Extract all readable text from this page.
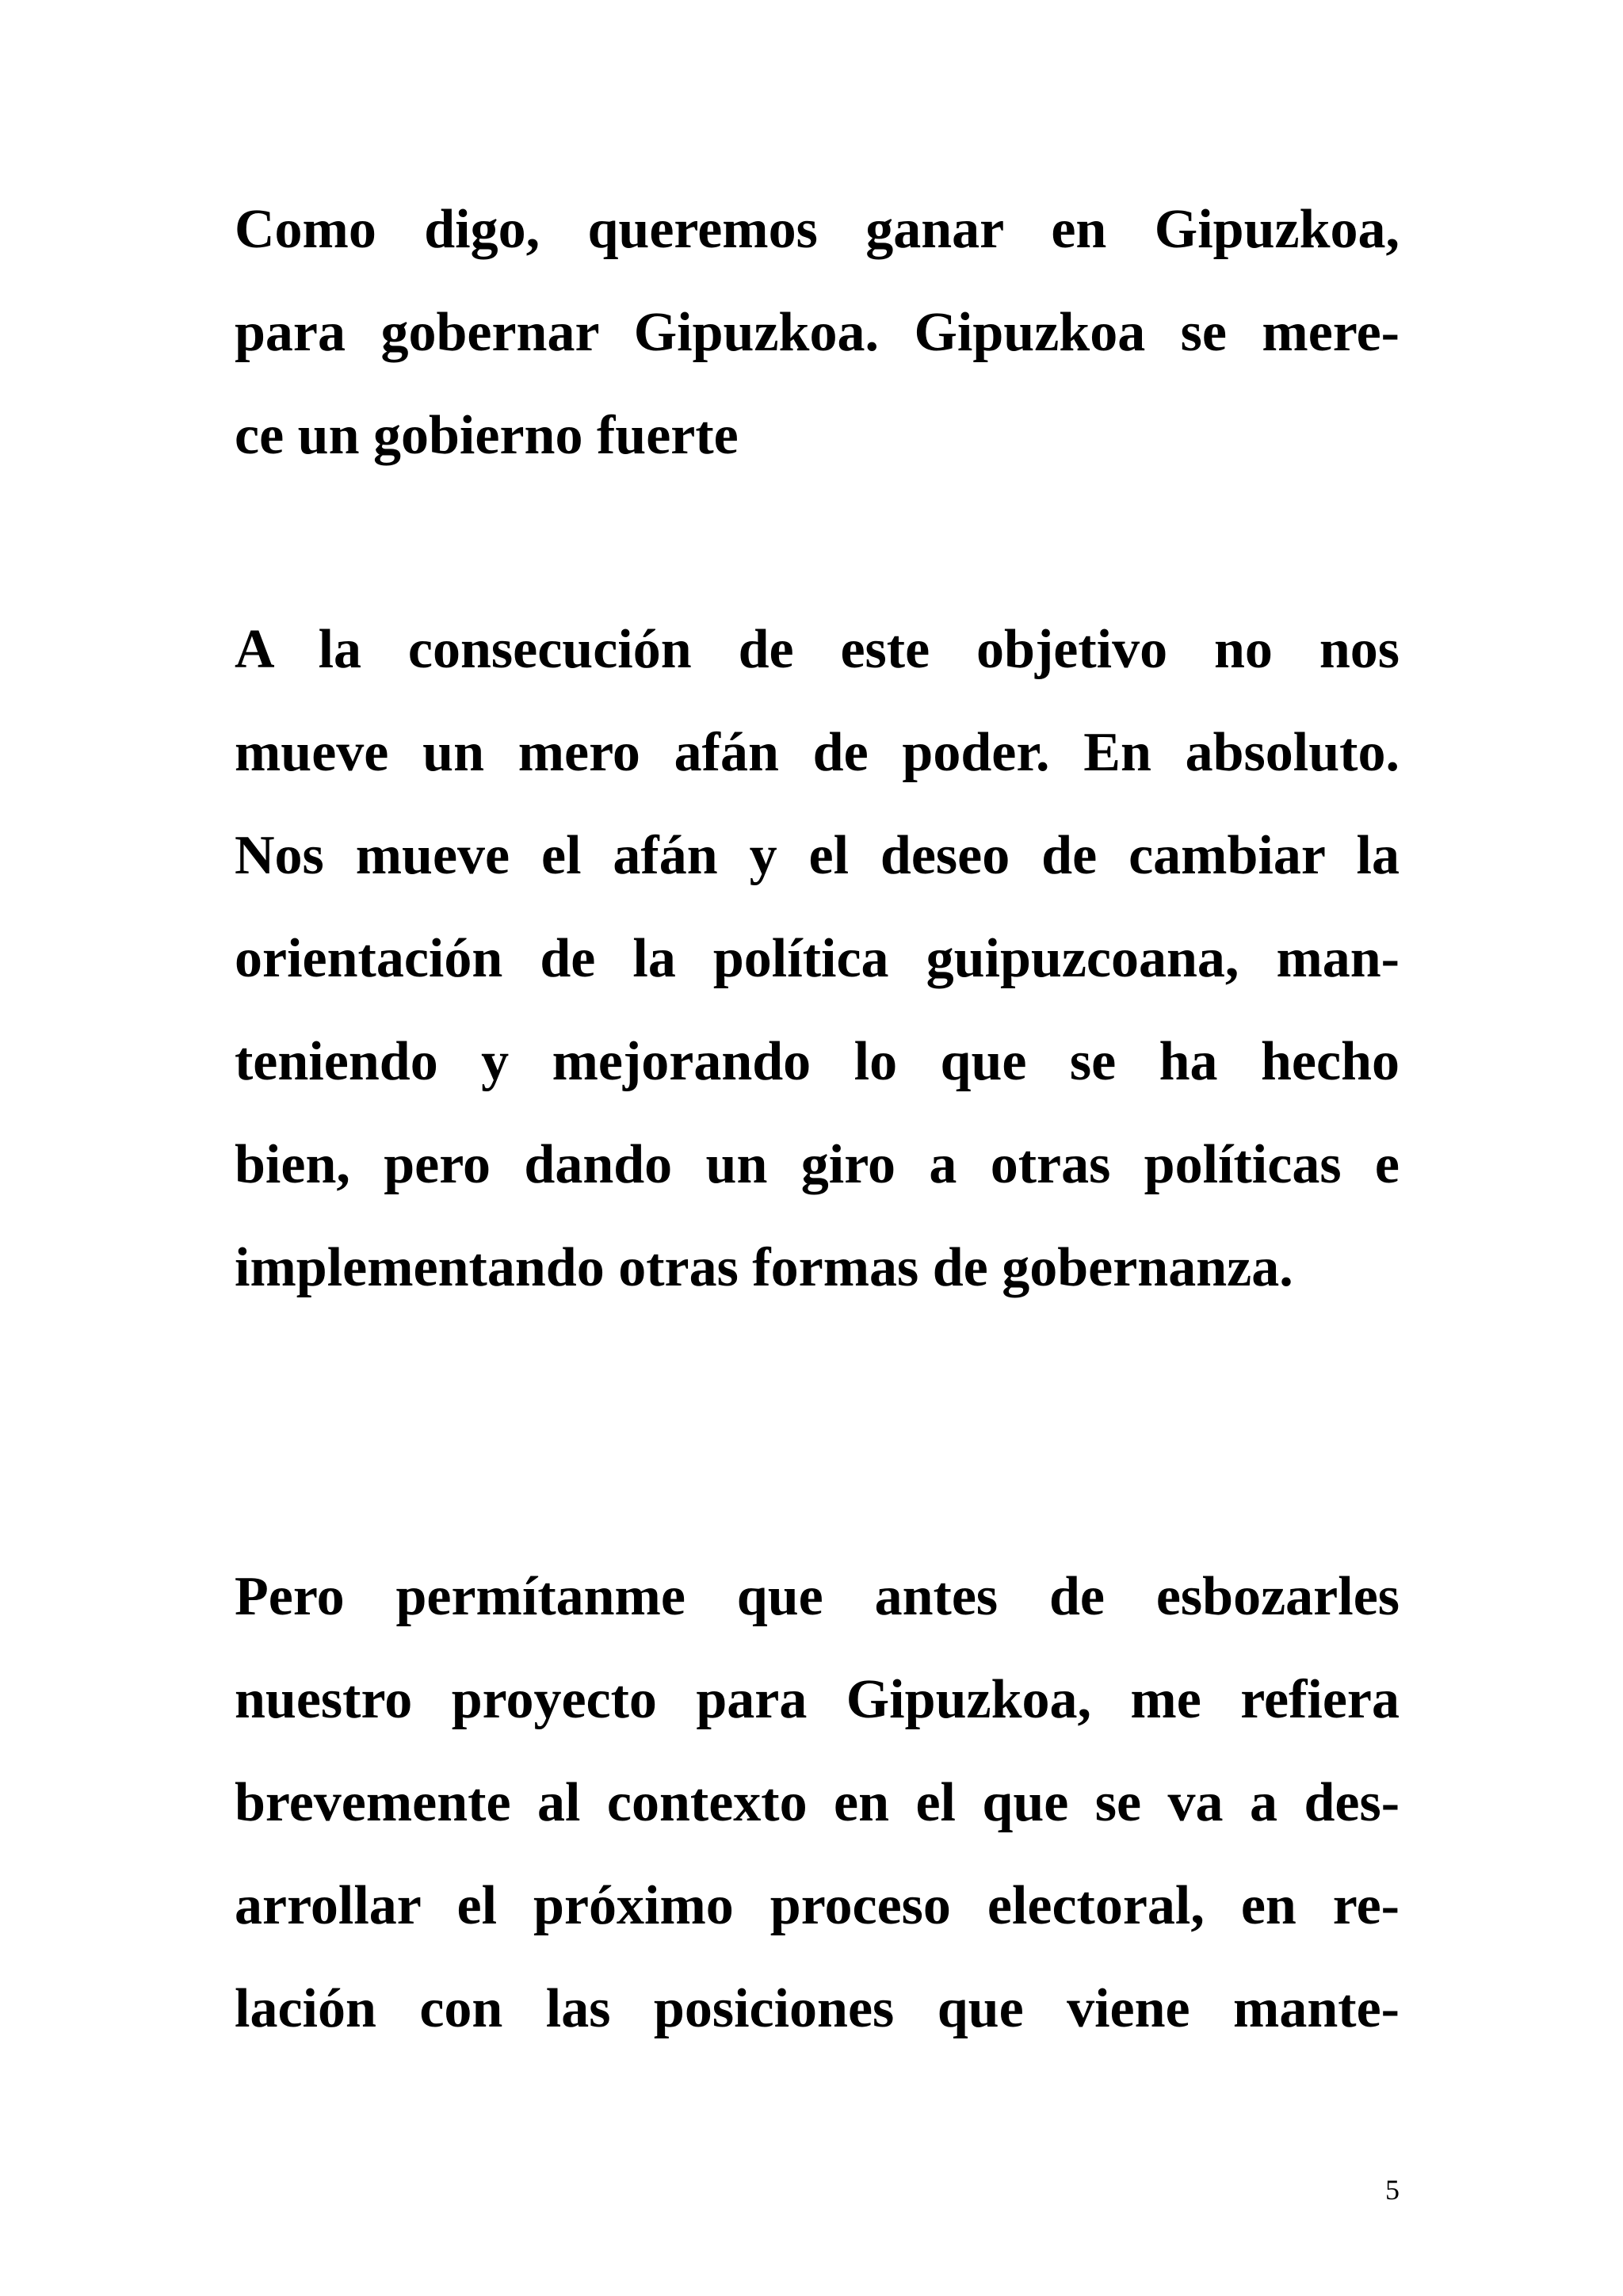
Como digo, queremos ganar en Gipuzkoa,
para gobernar Gipuzkoa. Gipuzkoa se mere-
ce un gobierno fuerte
A la consecución de este objetivo no nos
mueve un mero afán de poder. En absoluto.
Nos mueve el afán y el deseo de cambiar la
orientación de la política guipuzcoana, man-
teniendo y mejorando lo que se ha hecho
bien, pero dando un giro a otras políticas e
implementando otras formas de gobernanza.
Pero permítanme que antes de esbozarles
nuestro proyecto para Gipuzkoa, me refiera
brevemente al contexto en el que se va a des-
arrollar el próximo proceso electoral, en re-
lación con las posiciones que viene mante-
5
